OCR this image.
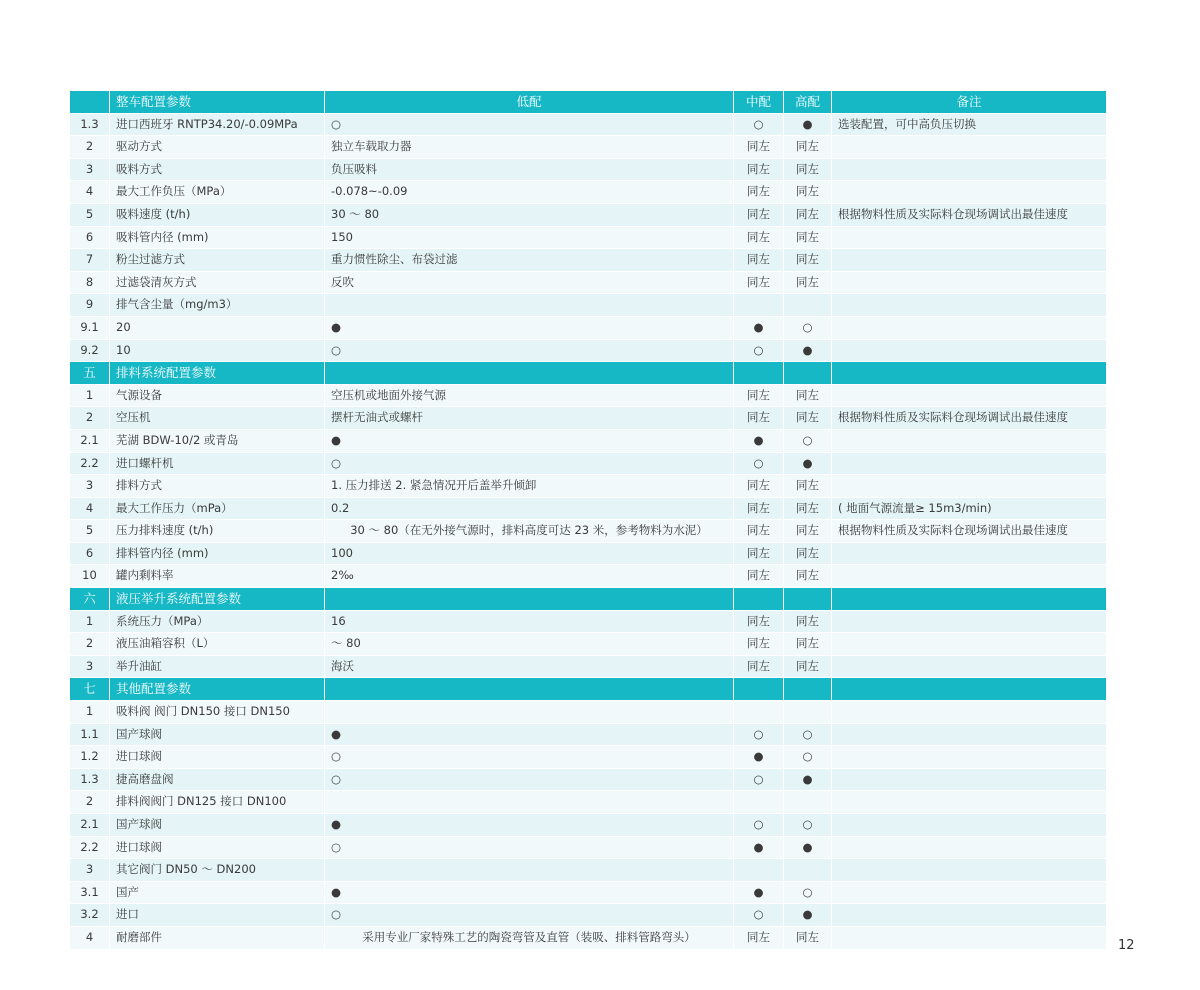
	整车配置参数	低配	中配	高配	备注
1.3	进口西班牙 RNTP34.20/-0.09MPa	○	○	●	选装配置，可中高负压切换
2	驱动方式	独立车载取力器	同左	同左	
3	吸料方式	负压吸料	同左	同左	
4	最大工作负压（MPa）	-0.078~-0.09	同左	同左	
5	吸料速度 (t/h)	30 ～ 80	同左	同左	根据物料性质及实际料仓现场调试出最佳速度
6	吸料管内径 (mm)	150	同左	同左	
7	粉尘过滤方式	重力惯性除尘、布袋过滤	同左	同左	
8	过滤袋清灰方式	反吹	同左	同左	
9	排气含尘量（mg/m3）				
9.1	20	●	●	○	
9.2	10	○	○	●	
五	排料系统配置参数				
1	气源设备	空压机或地面外接气源	同左	同左	
2	空压机	摆杆无油式或螺杆	同左	同左	根据物料性质及实际料仓现场调试出最佳速度
2.1	芜湖 BDW-10/2 或青岛	●	●	○	
2.2	进口螺杆机	○	○	●	
3	排料方式	1. 压力排送 2. 紧急情况开后盖举升倾卸	同左	同左	
4	最大工作压力（mPa）	0.2	同左	同左	( 地面气源流量≥ 15m3/min)
5	压力排料速度 (t/h)	30 ～ 80（在无外接气源时，排料高度可达 23 米，参考物料为水泥）	同左	同左	根据物料性质及实际料仓现场调试出最佳速度
6	排料管内径 (mm)	100	同左	同左	
10	罐内剩料率	2‰	同左	同左	
六	液压举升系统配置参数				
1	系统压力（MPa）	16	同左	同左	
2	液压油箱容积（L）	～ 80	同左	同左	
3	举升油缸	海沃	同左	同左	
七	其他配置参数				
1	吸料阀 阀门 DN150 接口 DN150				
1.1	国产球阀	●	○	○	
1.2	进口球阀	○	●	○	
1.3	捷高磨盘阀	○	○	●	
2	排料阀阀门 DN125 接口 DN100				
2.1	国产球阀	●	○	○	
2.2	进口球阀	○	●	●	
3	其它阀门 DN50 ～ DN200				
3.1	国产	●	●	○	
3.2	进口	○	○	●	
4	耐磨部件	采用专业厂家特殊工艺的陶瓷弯管及直管（装吸、排料管路弯头）	同左	同左	
12
